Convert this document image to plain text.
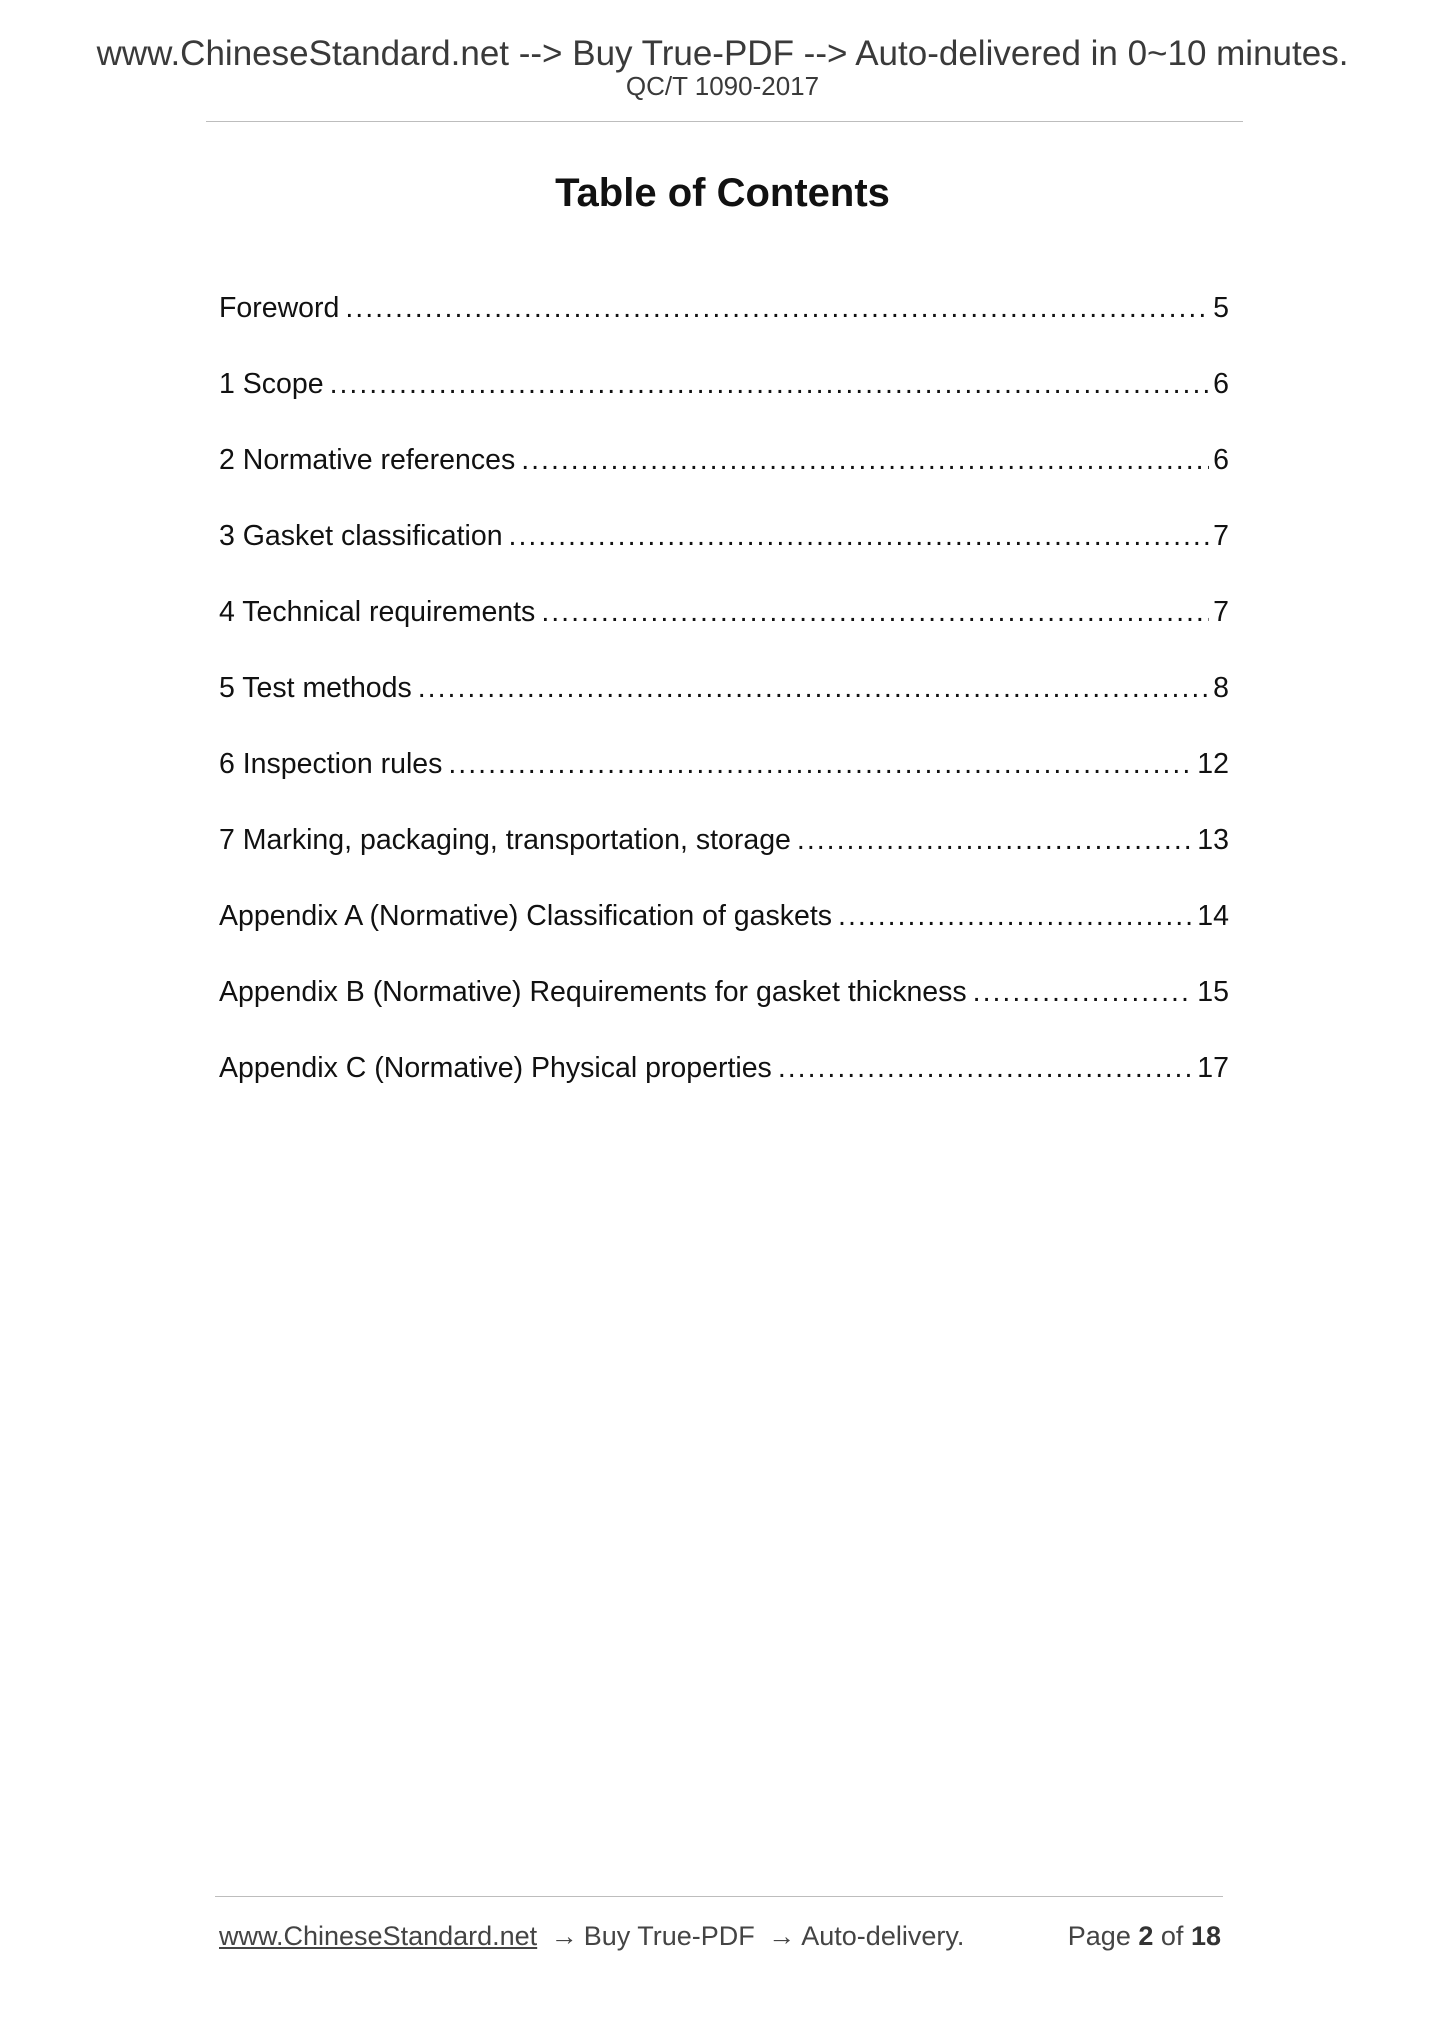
www.ChineseStandard.net --> Buy True-PDF --> Auto-delivered in 0~10 minutes.
QC/T 1090-2017
Table of Contents
Foreword .....	5
1 Scope .....	6
2 Normative references .....	6
3 Gasket classification .....	7
4 Technical requirements .....	7
5 Test methods .....	8
6 Inspection rules .....	12
7 Marking, packaging, transportation, storage .....	13
Appendix A (Normative) Classification of gaskets .....	14
Appendix B (Normative) Requirements for gasket thickness .....	15
Appendix C (Normative) Physical properties .....	17
www.ChineseStandard.net → Buy True-PDF → Auto-delivery.	Page 2 of 18
